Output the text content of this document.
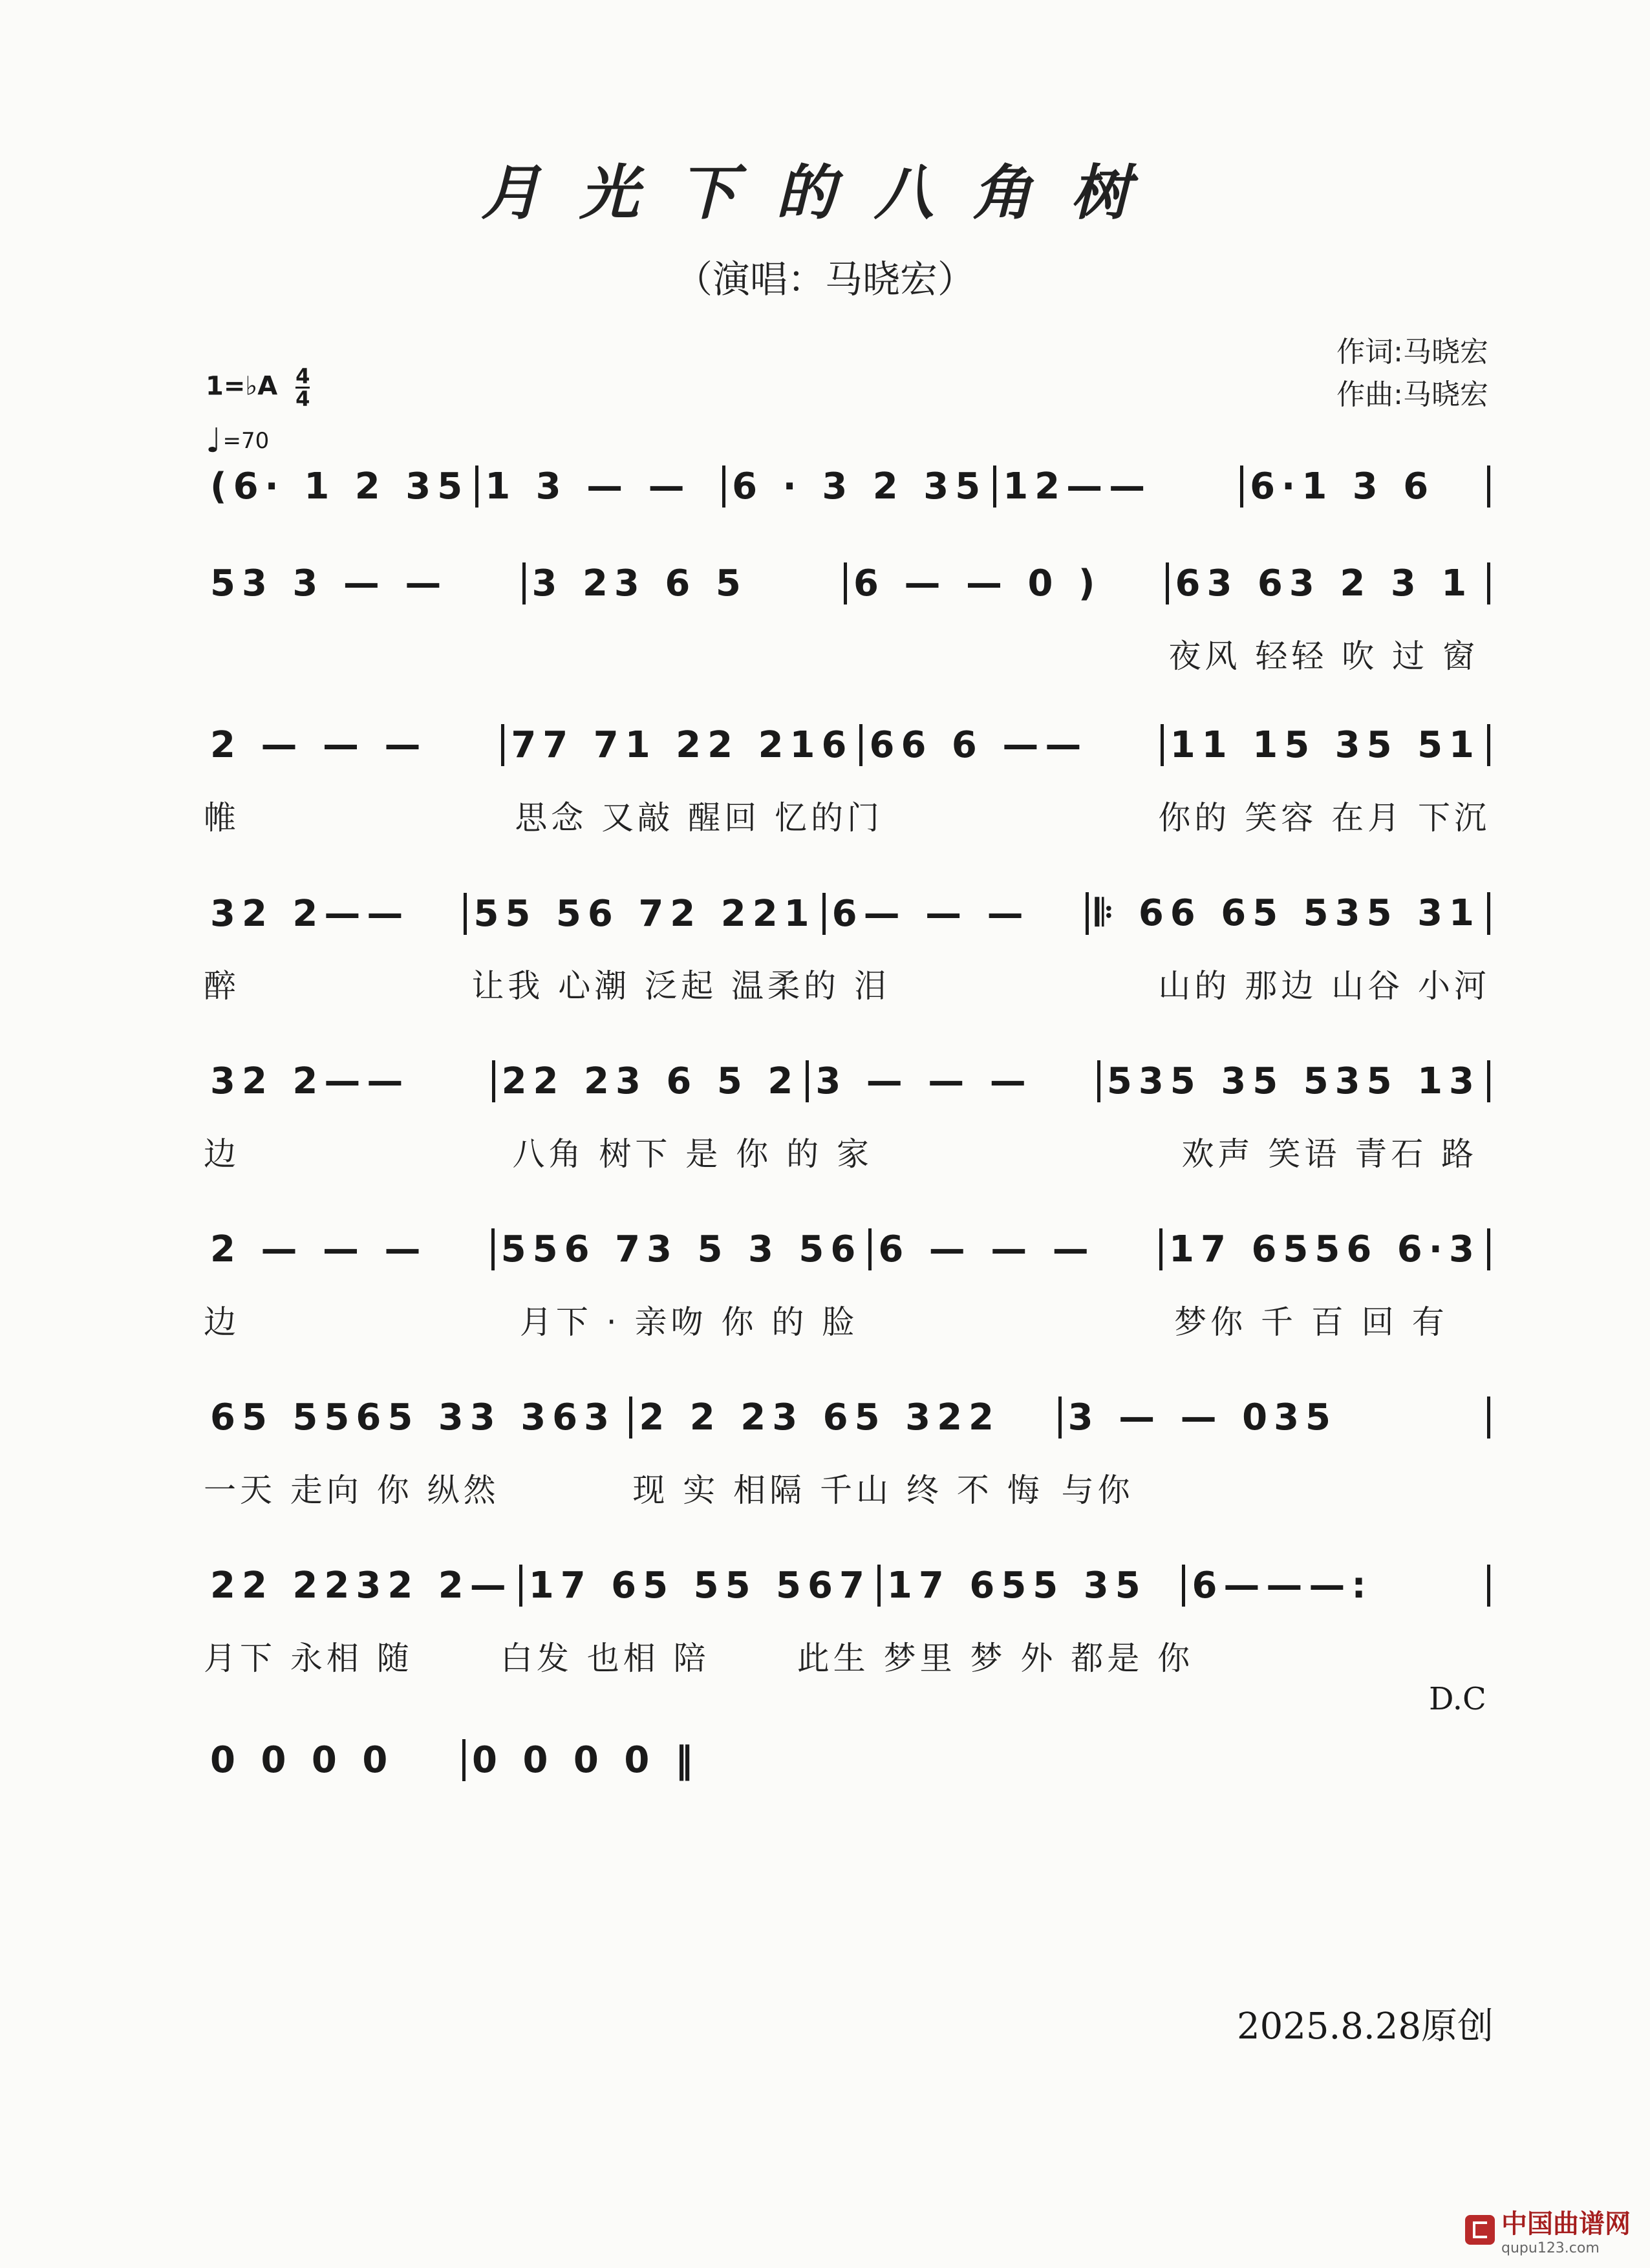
月光下的八角树
（演唱：马晓宏）
作词:马晓宏
作曲:马晓宏
1=♭A $\frac{4}{4}$
♩=70
(6· 1 2 35 1 3 — —	6 · 3 2 35 12——	6·1 3 6
53 3 — —	3 23 6 5	6 — — 0 )	63 63 2 3 1
夜风 轻轻 吹 过 窗
2 — — —	77 71 22 216 66 6 ——	11 15 35 51
帷	思念 又敲 醒回 忆的 门	你的 笑容 在月 下沉
32 2——	55 56 72 221 6— — —	𝄆 66 65 535 31
醉	让我 心潮 泛起 温柔的 泪	山的 那边 山谷 小河
32 2——	22 23 6 5 2 3 — — —	535 35 535 13
边	八角 树下 是 你 的 家	欢声 笑语 青石 路
2 — — —	556 73 5 3 56 6 — — —	17 6556 6·3
边	月下 · 亲吻 你 的 脸	梦你 千 百 回 有
65 5565 33 363 2 2 23 65 322	3 — — 035
一天 走向 你 纵然	现 实 相隔 千山 终 不 悔 与你
22 2232 2— 17 65 55 567 17 655 35	6———:
月下 永相 随	白发 也相 陪	此生 梦里 梦 外 都是 你
0 0 0 0	0 0 0 0 ‖
D.C
2025.8.28原创
中国曲谱网
qupu123.com
